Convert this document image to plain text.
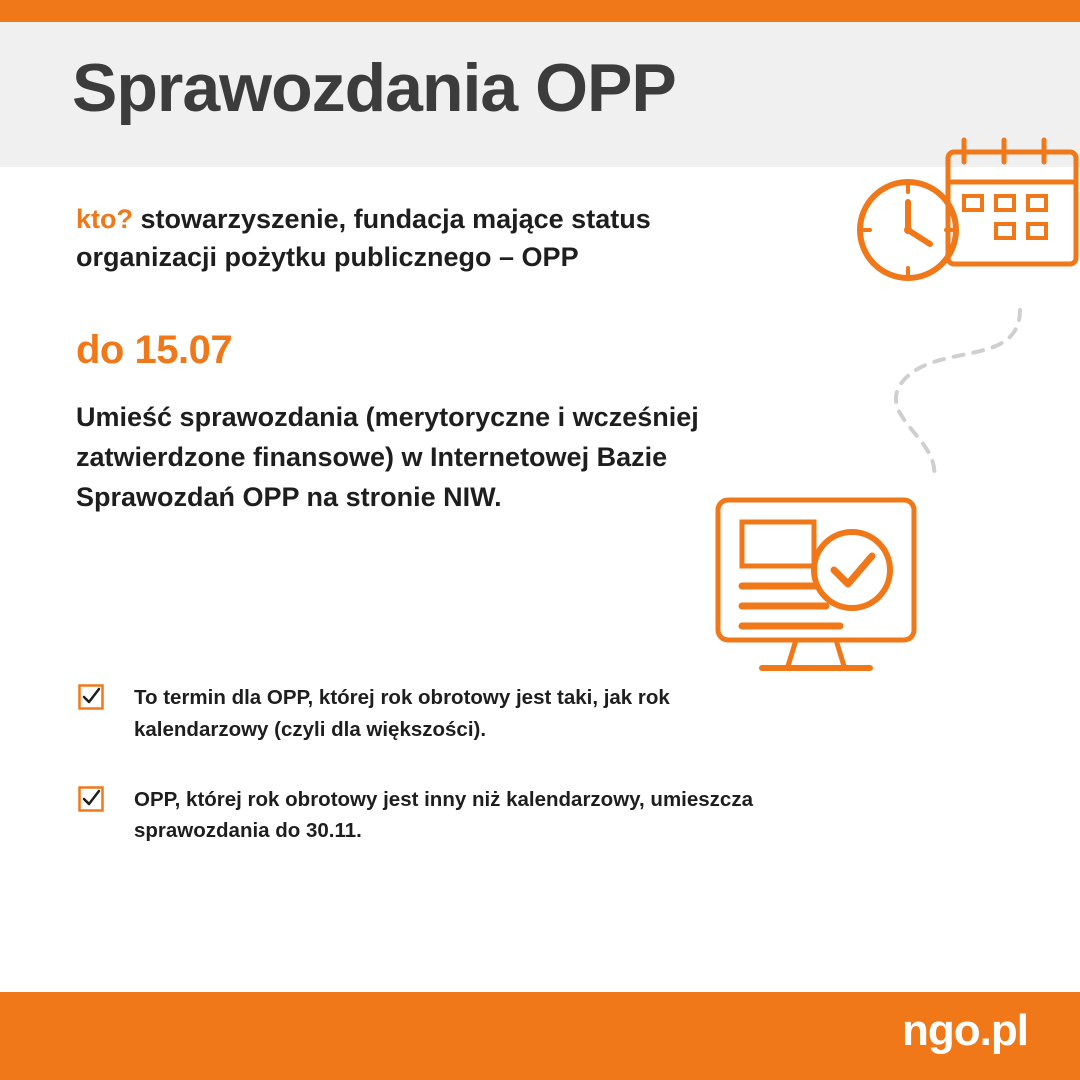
Sprawozdania OPP
kto? stowarzyszenie, fundacja mające status organizacji pożytku publicznego – OPP
do 15.07
Umieść sprawozdania (merytoryczne i wcześniej zatwierdzone finansowe) w Internetowej Bazie Sprawozdań OPP na stronie NIW.
To termin dla OPP, której rok obrotowy jest taki, jak rok kalendarzowy (czyli dla większości).
OPP, której rok obrotowy jest inny niż kalendarzowy, umieszcza sprawozdania do 30.11.
ngo.pl
